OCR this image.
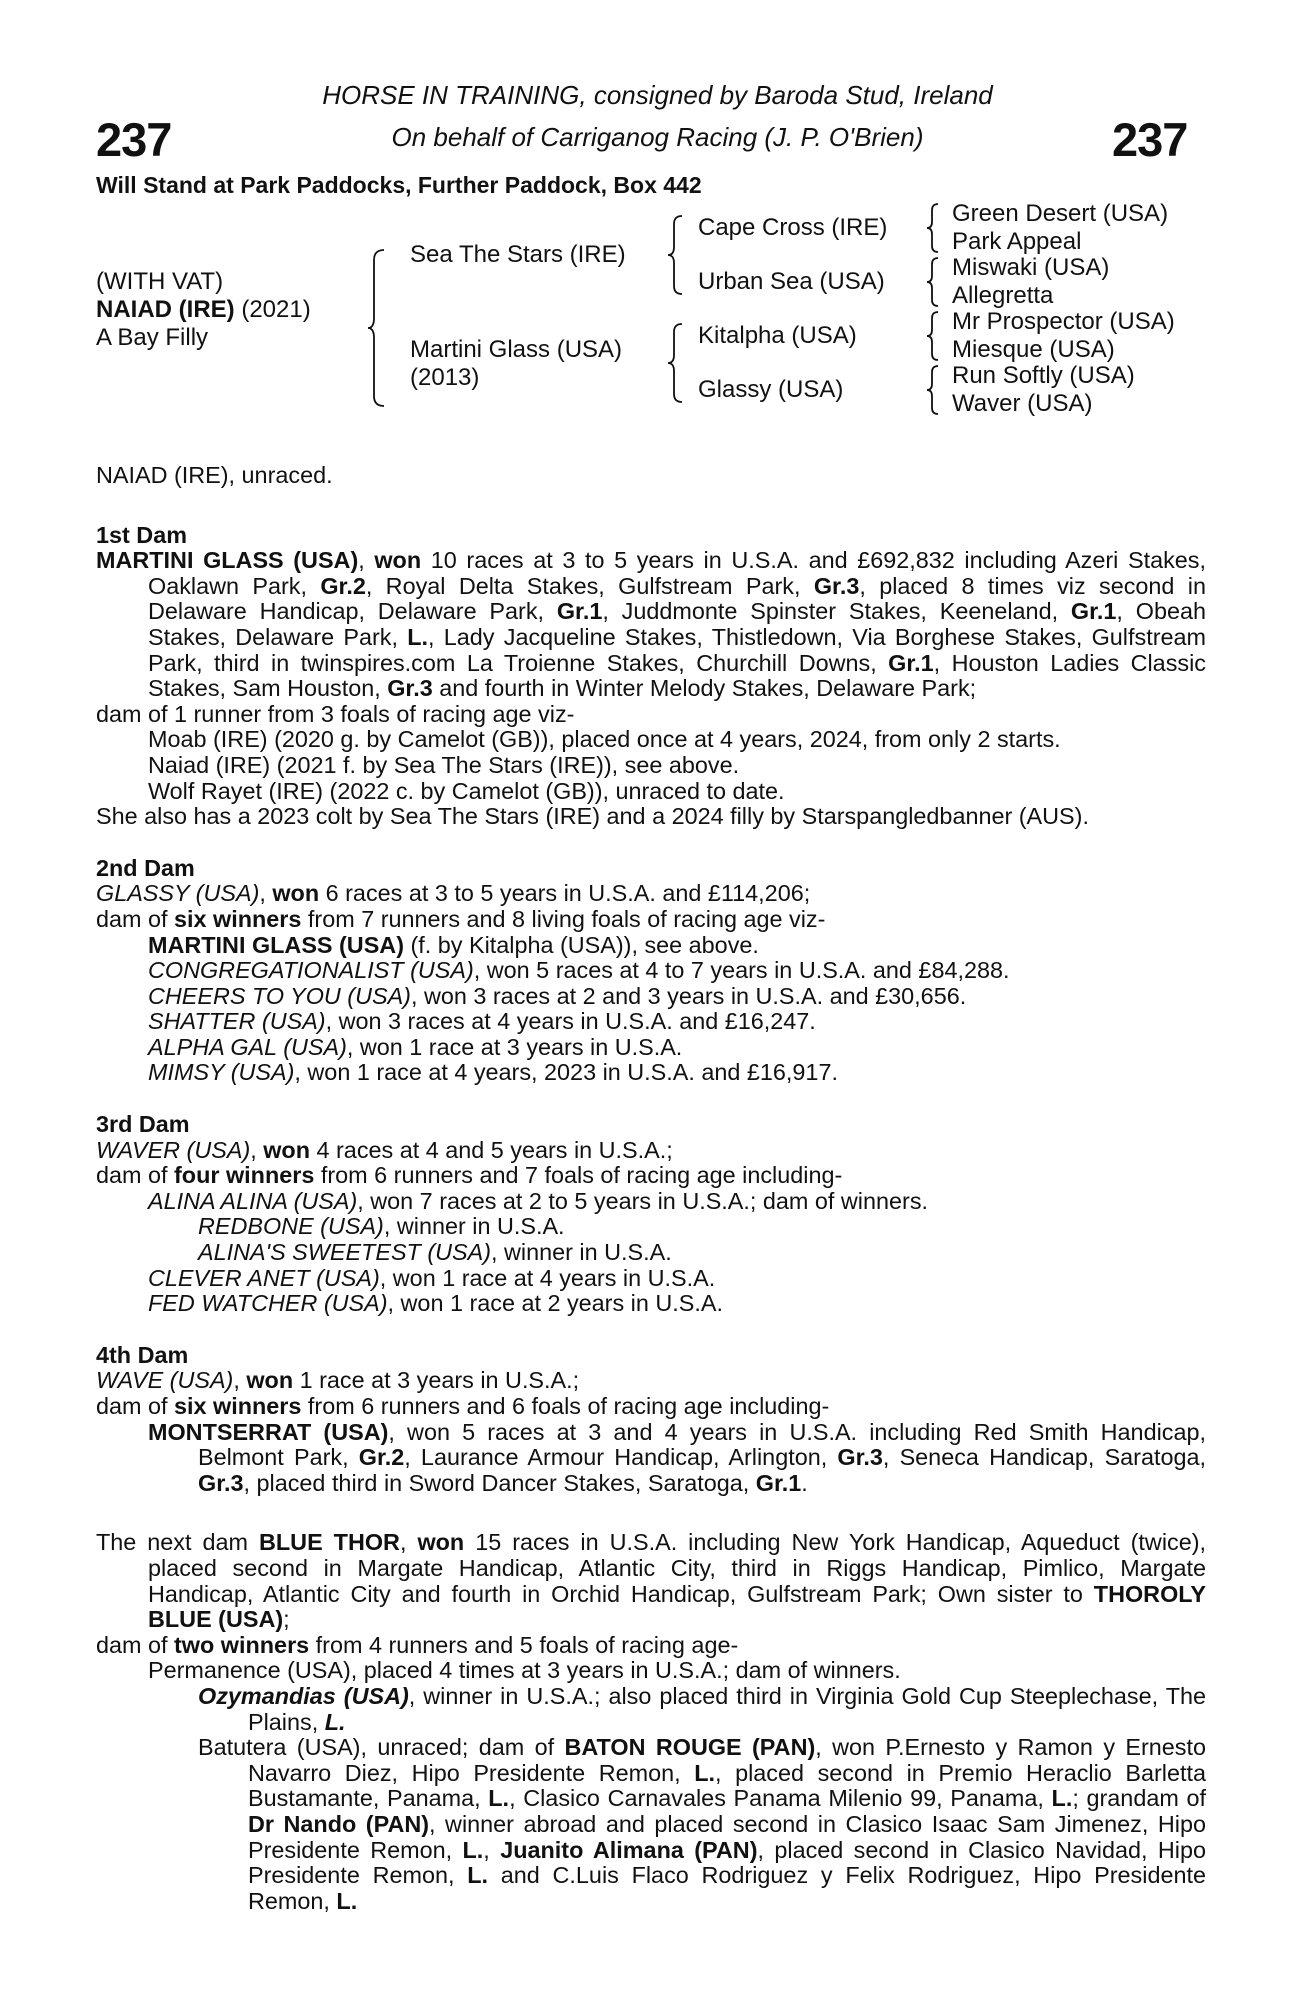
237	237
HORSE IN TRAINING, consigned by Baroda Stud, Ireland
On behalf of Carriganog Racing (J. P. O'Brien)
Will Stand at Park Paddocks, Further Paddock, Box 442
(WITH VAT)
NAIAD (IRE) (2021)
A Bay Filly
Sea The Stars (IRE)
Martini Glass (USA)
(2013)
Cape Cross (IRE)
Urban Sea (USA)
Kitalpha (USA)
Glassy (USA)
Green Desert (USA)
Park Appeal
Miswaki (USA)
Allegretta
Mr Prospector (USA)
Miesque (USA)
Run Softly (USA)
Waver (USA)

NAIAD (IRE), unraced.

1st Dam

MARTINI GLASS (USA), won 10 races at 3 to 5 years in U.S.A. and £692,832 including Azeri Stakes, Oaklawn Park, Gr.2, Royal Delta Stakes, Gulfstream Park, Gr.3, placed 8 times viz second in Delaware Handicap, Delaware Park, Gr.1, Juddmonte Spinster Stakes, Keeneland, Gr.1, Obeah Stakes, Delaware Park, L., Lady Jacqueline Stakes, Thistledown, Via Borghese Stakes, Gulfstream Park, third in twinspires.com La Troienne Stakes, Churchill Downs, Gr.1, Houston Ladies Classic Stakes, Sam Houston, Gr.3 and fourth in Winter Melody Stakes, Delaware Park;

dam of 1 runner from 3 foals of racing age viz-

Moab (IRE) (2020 g. by Camelot (GB)), placed once at 4 years, 2024, from only 2 starts.

Naiad (IRE) (2021 f. by Sea The Stars (IRE)), see above.

Wolf Rayet (IRE) (2022 c. by Camelot (GB)), unraced to date.

She also has a 2023 colt by Sea The Stars (IRE) and a 2024 filly by Starspangledbanner (AUS).

2nd Dam

GLASSY (USA), won 6 races at 3 to 5 years in U.S.A. and £114,206;

dam of six winners from 7 runners and 8 living foals of racing age viz-

MARTINI GLASS (USA) (f. by Kitalpha (USA)), see above.

CONGREGATIONALIST (USA), won 5 races at 4 to 7 years in U.S.A. and £84,288.

CHEERS TO YOU (USA), won 3 races at 2 and 3 years in U.S.A. and £30,656.

SHATTER (USA), won 3 races at 4 years in U.S.A. and £16,247.

ALPHA GAL (USA), won 1 race at 3 years in U.S.A.

MIMSY (USA), won 1 race at 4 years, 2023 in U.S.A. and £16,917.

3rd Dam

WAVER (USA), won 4 races at 4 and 5 years in U.S.A.;

dam of four winners from 6 runners and 7 foals of racing age including-

ALINA ALINA (USA), won 7 races at 2 to 5 years in U.S.A.; dam of winners.

REDBONE (USA), winner in U.S.A.

ALINA'S SWEETEST (USA), winner in U.S.A.

CLEVER ANET (USA), won 1 race at 4 years in U.S.A.

FED WATCHER (USA), won 1 race at 2 years in U.S.A.

4th Dam

WAVE (USA), won 1 race at 3 years in U.S.A.;

dam of six winners from 6 runners and 6 foals of racing age including-

MONTSERRAT (USA), won 5 races at 3 and 4 years in U.S.A. including Red Smith Handicap, Belmont Park, Gr.2, Laurance Armour Handicap, Arlington, Gr.3, Seneca Handicap, Saratoga, Gr.3, placed third in Sword Dancer Stakes, Saratoga, Gr.1.

The next dam BLUE THOR, won 15 races in U.S.A. including New York Handicap, Aqueduct (twice), placed second in Margate Handicap, Atlantic City, third in Riggs Handicap, Pimlico, Margate Handicap, Atlantic City and fourth in Orchid Handicap, Gulfstream Park; Own sister to THOROLY BLUE (USA);

dam of two winners from 4 runners and 5 foals of racing age-

Permanence (USA), placed 4 times at 3 years in U.S.A.; dam of winners.

Ozymandias (USA), winner in U.S.A.; also placed third in Virginia Gold Cup Steeplechase, The Plains, L.

Batutera (USA), unraced; dam of BATON ROUGE (PAN), won P.Ernesto y Ramon y Ernesto Navarro Diez, Hipo Presidente Remon, L., placed second in Premio Heraclio Barletta Bustamante, Panama, L., Clasico Carnavales Panama Milenio 99, Panama, L.; grandam of Dr Nando (PAN), winner abroad and placed second in Clasico Isaac Sam Jimenez, Hipo Presidente Remon, L., Juanito Alimana (PAN), placed second in Clasico Navidad, Hipo Presidente Remon, L. and C.Luis Flaco Rodriguez y Felix Rodriguez, Hipo Presidente Remon, L.
